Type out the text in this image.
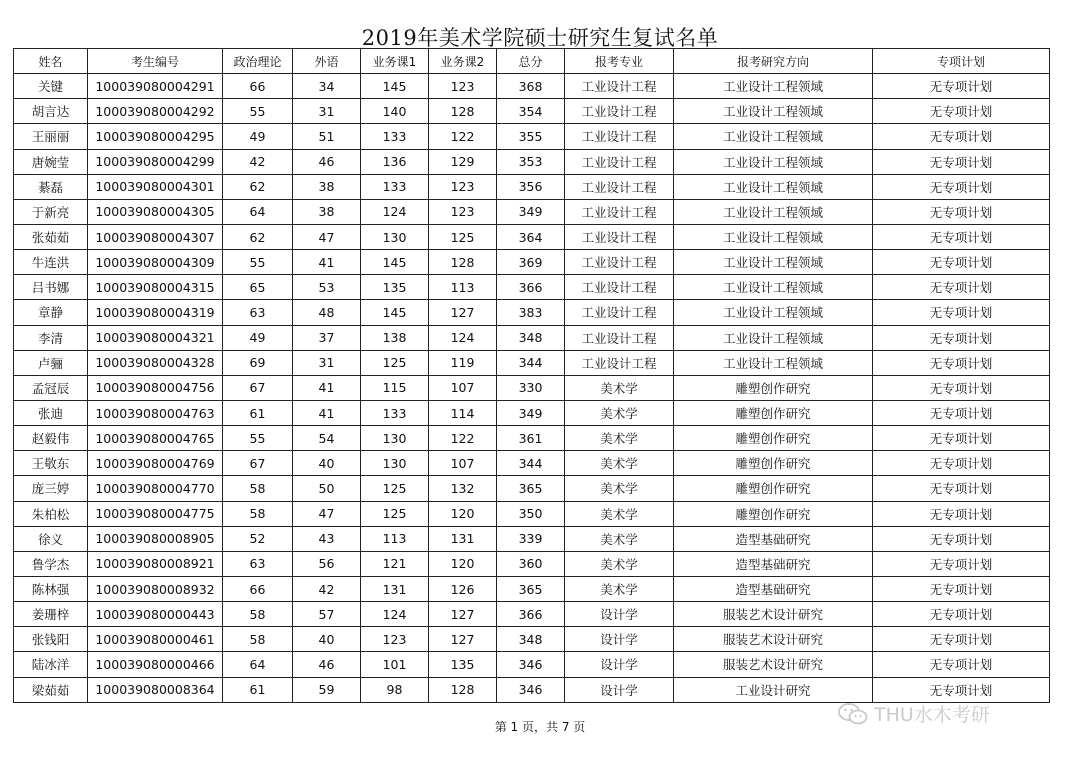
2019年美术学院硕士研究生复试名单
姓名	考生编号	政治理论	外语	业务课1	业务课2	总分	报考专业	报考研究方向	专项计划
关键	100039080004291	66	34	145	123	368	工业设计工程	工业设计工程领域	无专项计划
胡言达	100039080004292	55	31	140	128	354	工业设计工程	工业设计工程领域	无专项计划
王丽丽	100039080004295	49	51	133	122	355	工业设计工程	工业设计工程领域	无专项计划
唐婉莹	100039080004299	42	46	136	129	353	工业设计工程	工业设计工程领域	无专项计划
綦磊	100039080004301	62	38	133	123	356	工业设计工程	工业设计工程领域	无专项计划
于新亮	100039080004305	64	38	124	123	349	工业设计工程	工业设计工程领域	无专项计划
张茹茹	100039080004307	62	47	130	125	364	工业设计工程	工业设计工程领域	无专项计划
牛连洪	100039080004309	55	41	145	128	369	工业设计工程	工业设计工程领域	无专项计划
吕书娜	100039080004315	65	53	135	113	366	工业设计工程	工业设计工程领域	无专项计划
章静	100039080004319	63	48	145	127	383	工业设计工程	工业设计工程领域	无专项计划
李清	100039080004321	49	37	138	124	348	工业设计工程	工业设计工程领域	无专项计划
卢骊	100039080004328	69	31	125	119	344	工业设计工程	工业设计工程领域	无专项计划
孟冠辰	100039080004756	67	41	115	107	330	美术学	雕塑创作研究	无专项计划
张迪	100039080004763	61	41	133	114	349	美术学	雕塑创作研究	无专项计划
赵毅伟	100039080004765	55	54	130	122	361	美术学	雕塑创作研究	无专项计划
王敬东	100039080004769	67	40	130	107	344	美术学	雕塑创作研究	无专项计划
庞三婷	100039080004770	58	50	125	132	365	美术学	雕塑创作研究	无专项计划
朱柏松	100039080004775	58	47	125	120	350	美术学	雕塑创作研究	无专项计划
徐义	100039080008905	52	43	113	131	339	美术学	造型基础研究	无专项计划
鲁学杰	100039080008921	63	56	121	120	360	美术学	造型基础研究	无专项计划
陈林强	100039080008932	66	42	131	126	365	美术学	造型基础研究	无专项计划
姜珊梓	100039080000443	58	57	124	127	366	设计学	服装艺术设计研究	无专项计划
张钱阳	100039080000461	58	40	123	127	348	设计学	服装艺术设计研究	无专项计划
陆冰洋	100039080000466	64	46	101	135	346	设计学	服装艺术设计研究	无专项计划
梁茹茹	100039080008364	61	59	98	128	346	设计学	工业设计研究	无专项计划
第 1 页，共 7 页
THU水木考研
